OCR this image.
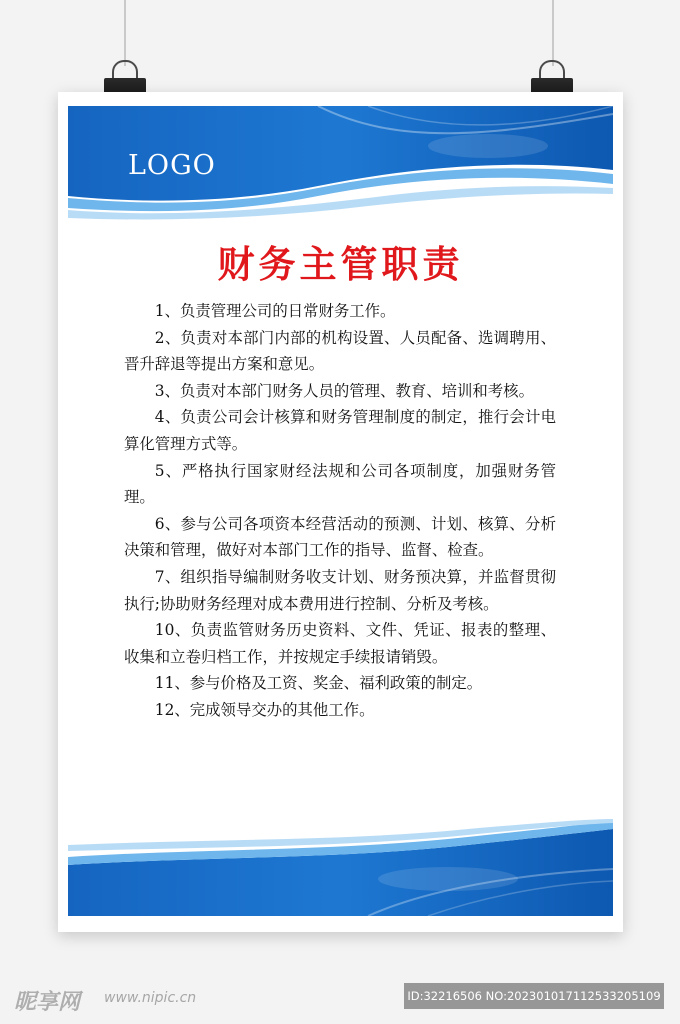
LOGO
财务主管职责

1、负责管理公司的日常财务工作。

2、负责对本部门内部的机构设置、人员配备、选调聘用、晋升辞退等提出方案和意见。

3、负责对本部门财务人员的管理、教育、培训和考核。

4、负责公司会计核算和财务管理制度的制定，推行会计电算化管理方式等。

5、严格执行国家财经法规和公司各项制度，加强财务管理。

6、参与公司各项资本经营活动的预测、计划、核算、分析决策和管理，做好对本部门工作的指导、监督、检查。

7、组织指导编制财务收支计划、财务预决算，并监督贯彻执行;协助财务经理对成本费用进行控制、分析及考核。

10、负责监管财务历史资料、文件、凭证、报表的整理、收集和立卷归档工作，并按规定手续报请销毁。

11、参与价格及工资、奖金、福利政策的制定。

12、完成领导交办的其他工作。

昵享网 www.nipic.cn	ID:32216506 NO:20230101711253320510​9
